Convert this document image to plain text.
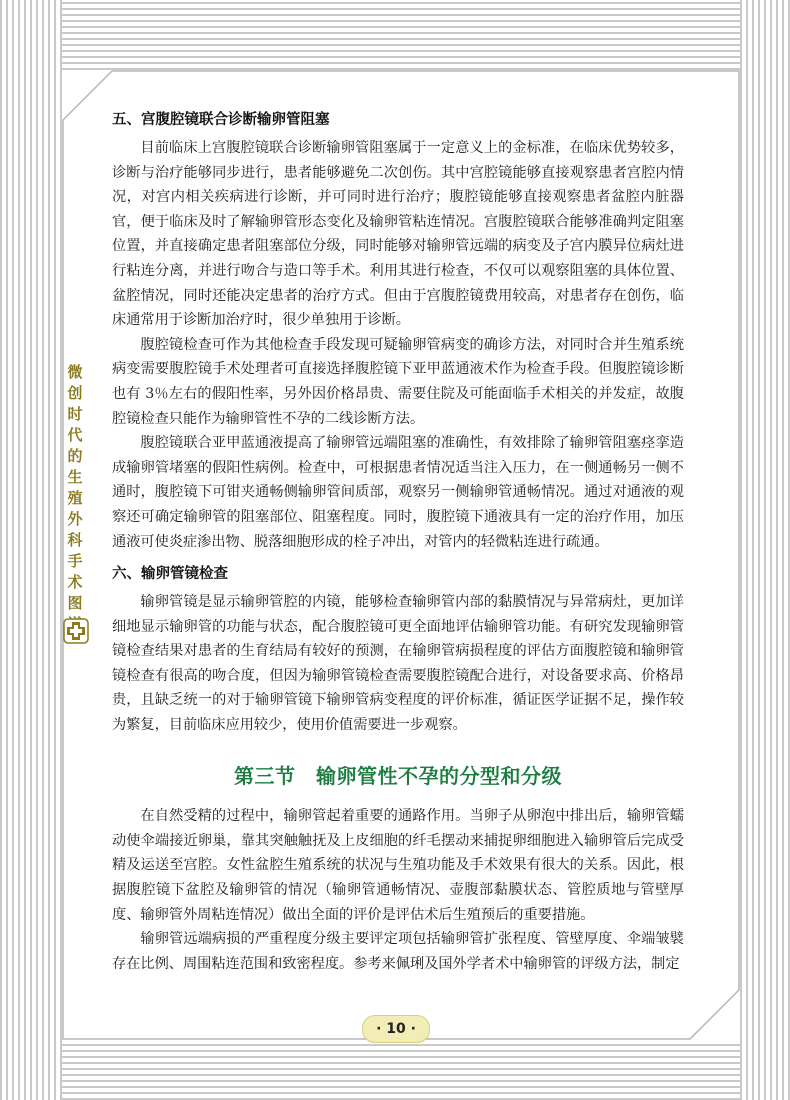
微
创
时
代
的
生
殖
外
科
手
术
图
五、宫腹腔镜联合诊断输卵管阻塞

目前临床上宫腹腔镜联合诊断输卵管阻塞属于一定意义上的金标准，在临床优势较多，诊断与治疗能够同步进行，患者能够避免二次创伤。其中宫腔镜能够直接观察患者宫腔内情况，对宫内相关疾病进行诊断，并可同时进行治疗；腹腔镜能够直接观察患者盆腔内脏器官，便于临床及时了解输卵管形态变化及输卵管粘连情况。宫腹腔镜联合能够准确判定阻塞位置，并直接确定患者阻塞部位分级，同时能够对输卵管远端的病变及子宫内膜异位病灶进行粘连分离，并进行吻合与造口等手术。利用其进行检查，不仅可以观察阻塞的具体位置、盆腔情况，同时还能决定患者的治疗方式。但由于宫腹腔镜费用较高，对患者存在创伤，临床通常用于诊断加治疗时，很少单独用于诊断。

腹腔镜检查可作为其他检查手段发现可疑输卵管病变的确诊方法，对同时合并生殖系统病变需要腹腔镜手术处理者可直接选择腹腔镜下亚甲蓝通液术作为检查手段。但腹腔镜诊断也有 3％左右的假阳性率，另外因价格昂贵、需要住院及可能面临手术相关的并发症，故腹腔镜检查只能作为输卵管性不孕的二线诊断方法。

腹腔镜联合亚甲蓝通液提高了输卵管远端阻塞的准确性，有效排除了输卵管阻塞痉挛造成输卵管堵塞的假阳性病例。检查中，可根据患者情况适当注入压力，在一侧通畅另一侧不通时，腹腔镜下可钳夹通畅侧输卵管间质部，观察另一侧输卵管通畅情况。通过对通液的观察还可确定输卵管的阻塞部位、阻塞程度。同时，腹腔镜下通液具有一定的治疗作用，加压通液可使炎症渗出物、脱落细胞形成的栓子冲出，对管内的轻微粘连进行疏通。

六、输卵管镜检查

输卵管镜是显示输卵管腔的内镜，能够检查输卵管内部的黏膜情况与异常病灶，更加详细地显示输卵管的功能与状态，配合腹腔镜可更全面地评估输卵管功能。有研究发现输卵管镜检查结果对患者的生育结局有较好的预测，在输卵管病损程度的评估方面腹腔镜和输卵管镜检查有很高的吻合度，但因为输卵管镜检查需要腹腔镜配合进行，对设备要求高、价格昂贵，且缺乏统一的对于输卵管镜下输卵管病变程度的评价标准，循证医学证据不足，操作较为繁复，目前临床应用较少，使用价值需要进一步观察。

第三节　输卵管性不孕的分型和分级

在自然受精的过程中，输卵管起着重要的通路作用。当卵子从卵泡中排出后，输卵管蠕动使伞端接近卵巢，靠其突触触抚及上皮细胞的纤毛摆动来捕捉卵细胞进入输卵管后完成受精及运送至宫腔。女性盆腔生殖系统的状况与生殖功能及手术效果有很大的关系。因此，根据腹腔镜下盆腔及输卵管的情况（输卵管通畅情况、壶腹部黏膜状态、管腔质地与管壁厚度、输卵管外周粘连情况）做出全面的评价是评估术后生殖预后的重要措施。

输卵管远端病损的严重程度分级主要评定项包括输卵管扩张程度、管壁厚度、伞端皱襞存在比例、周围粘连范围和致密程度。参考来佩琍及国外学者术中输卵管的评级方法，制定

· 10 ·
